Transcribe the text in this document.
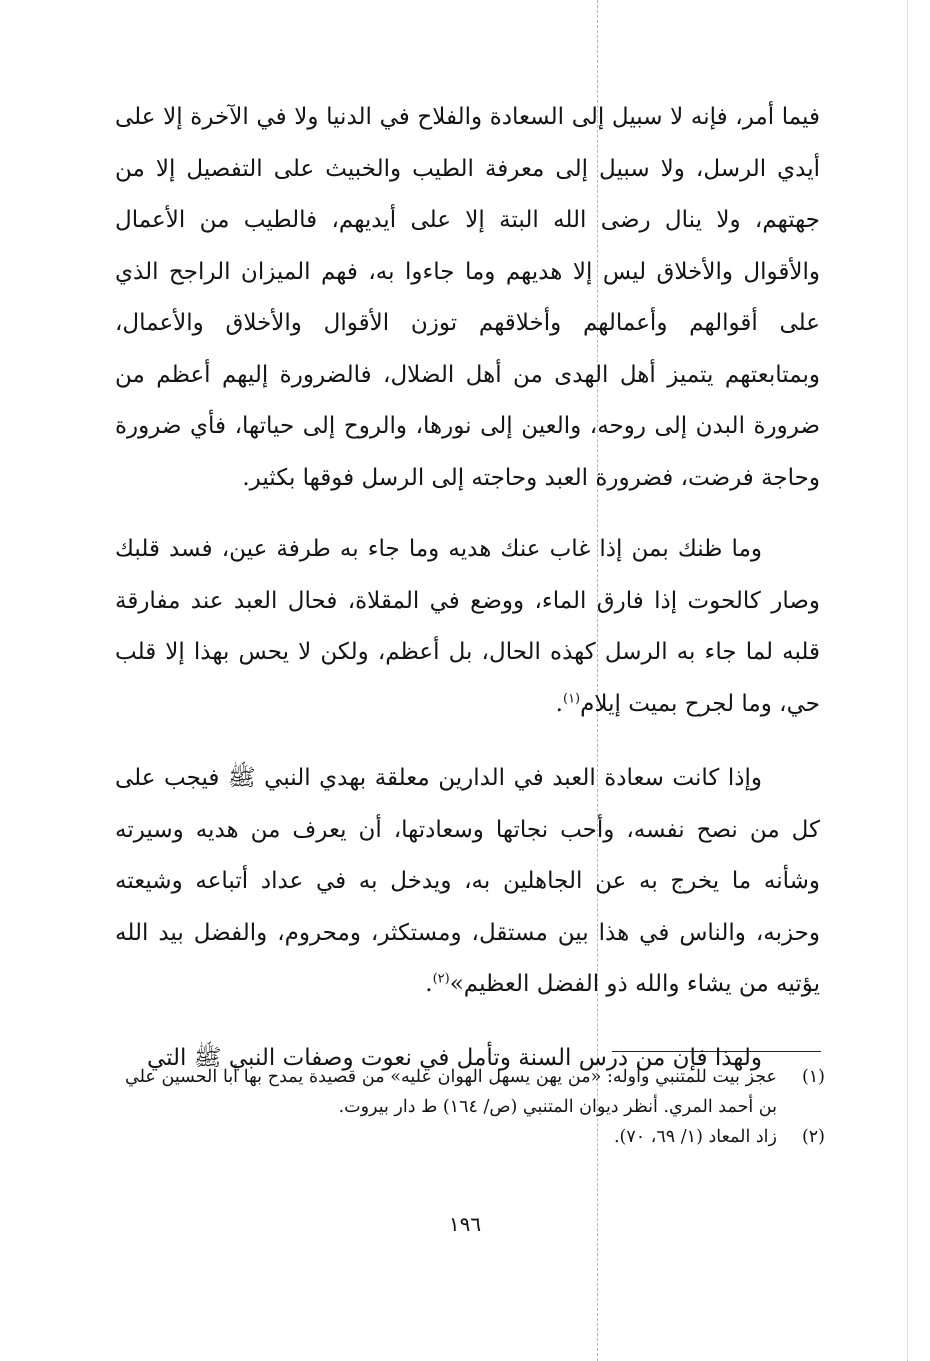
فيما أمر، فإنه لا سبيل إلى السعادة والفلاح في الدنيا ولا في الآخرة إلا على أيدي الرسل، ولا سبيل إلى معرفة الطيب والخبيث على التفصيل إلا من جهتهم، ولا ينال رضى الله البتة إلا على أيديهم، فالطيب من الأعمال والأقوال والأخلاق ليس إلا هديهم وما جاءوا به، فهم الميزان الراجح الذي على أقوالهم وأعمالهم وأخلاقهم توزن الأقوال والأخلاق والأعمال، وبمتابعتهم يتميز أهل الهدى من أهل الضلال، فالضرورة إليهم أعظم من ضرورة البدن إلى روحه، والعين إلى نورها، والروح إلى حياتها، فأي ضرورة وحاجة فرضت، فضرورة العبد وحاجته إلى الرسل فوقها بكثير.

وما ظنك بمن إذا غاب عنك هديه وما جاء به طرفة عين، فسد قلبك وصار كالحوت إذا فارق الماء، ووضع في المقلاة، فحال العبد عند مفارقة قلبه لما جاء به الرسل كهذه الحال، بل أعظم، ولكن لا يحس بهذا إلا قلب حي، وما لجرح بميت إيلام$^{(١)}$.

وإذا كانت سعادة العبد في الدارين معلقة بهدي النبي ﷺ فيجب على كل من نصح نفسه، وأحب نجاتها وسعادتها، أن يعرف من هديه وسيرته وشأنه ما يخرج به عن الجاهلين به، ويدخل به في عداد أتباعه وشيعته وحزبه، والناس في هذا بين مستقل، ومستكثر، ومحروم، والفضل بيد الله يؤتيه من يشاء والله ذو الفضل العظيم»$^{(٢)}$.

ولهذا فإن من درس السنة وتأمل في نعوت وصفات النبي ﷺ التي

(١)
عجز بيت للمتنبي وأوله: «من يهن يسهل الهوان عليه» من قصيدة يمدح بها أبا الحسين علي بن أحمد المري. أنظر ديوان المتنبي (ص/ ١٦٤) ط دار بيروت.
(٢)
زاد المعاد (١/ ٦٩، ٧٠).
١٩٦
